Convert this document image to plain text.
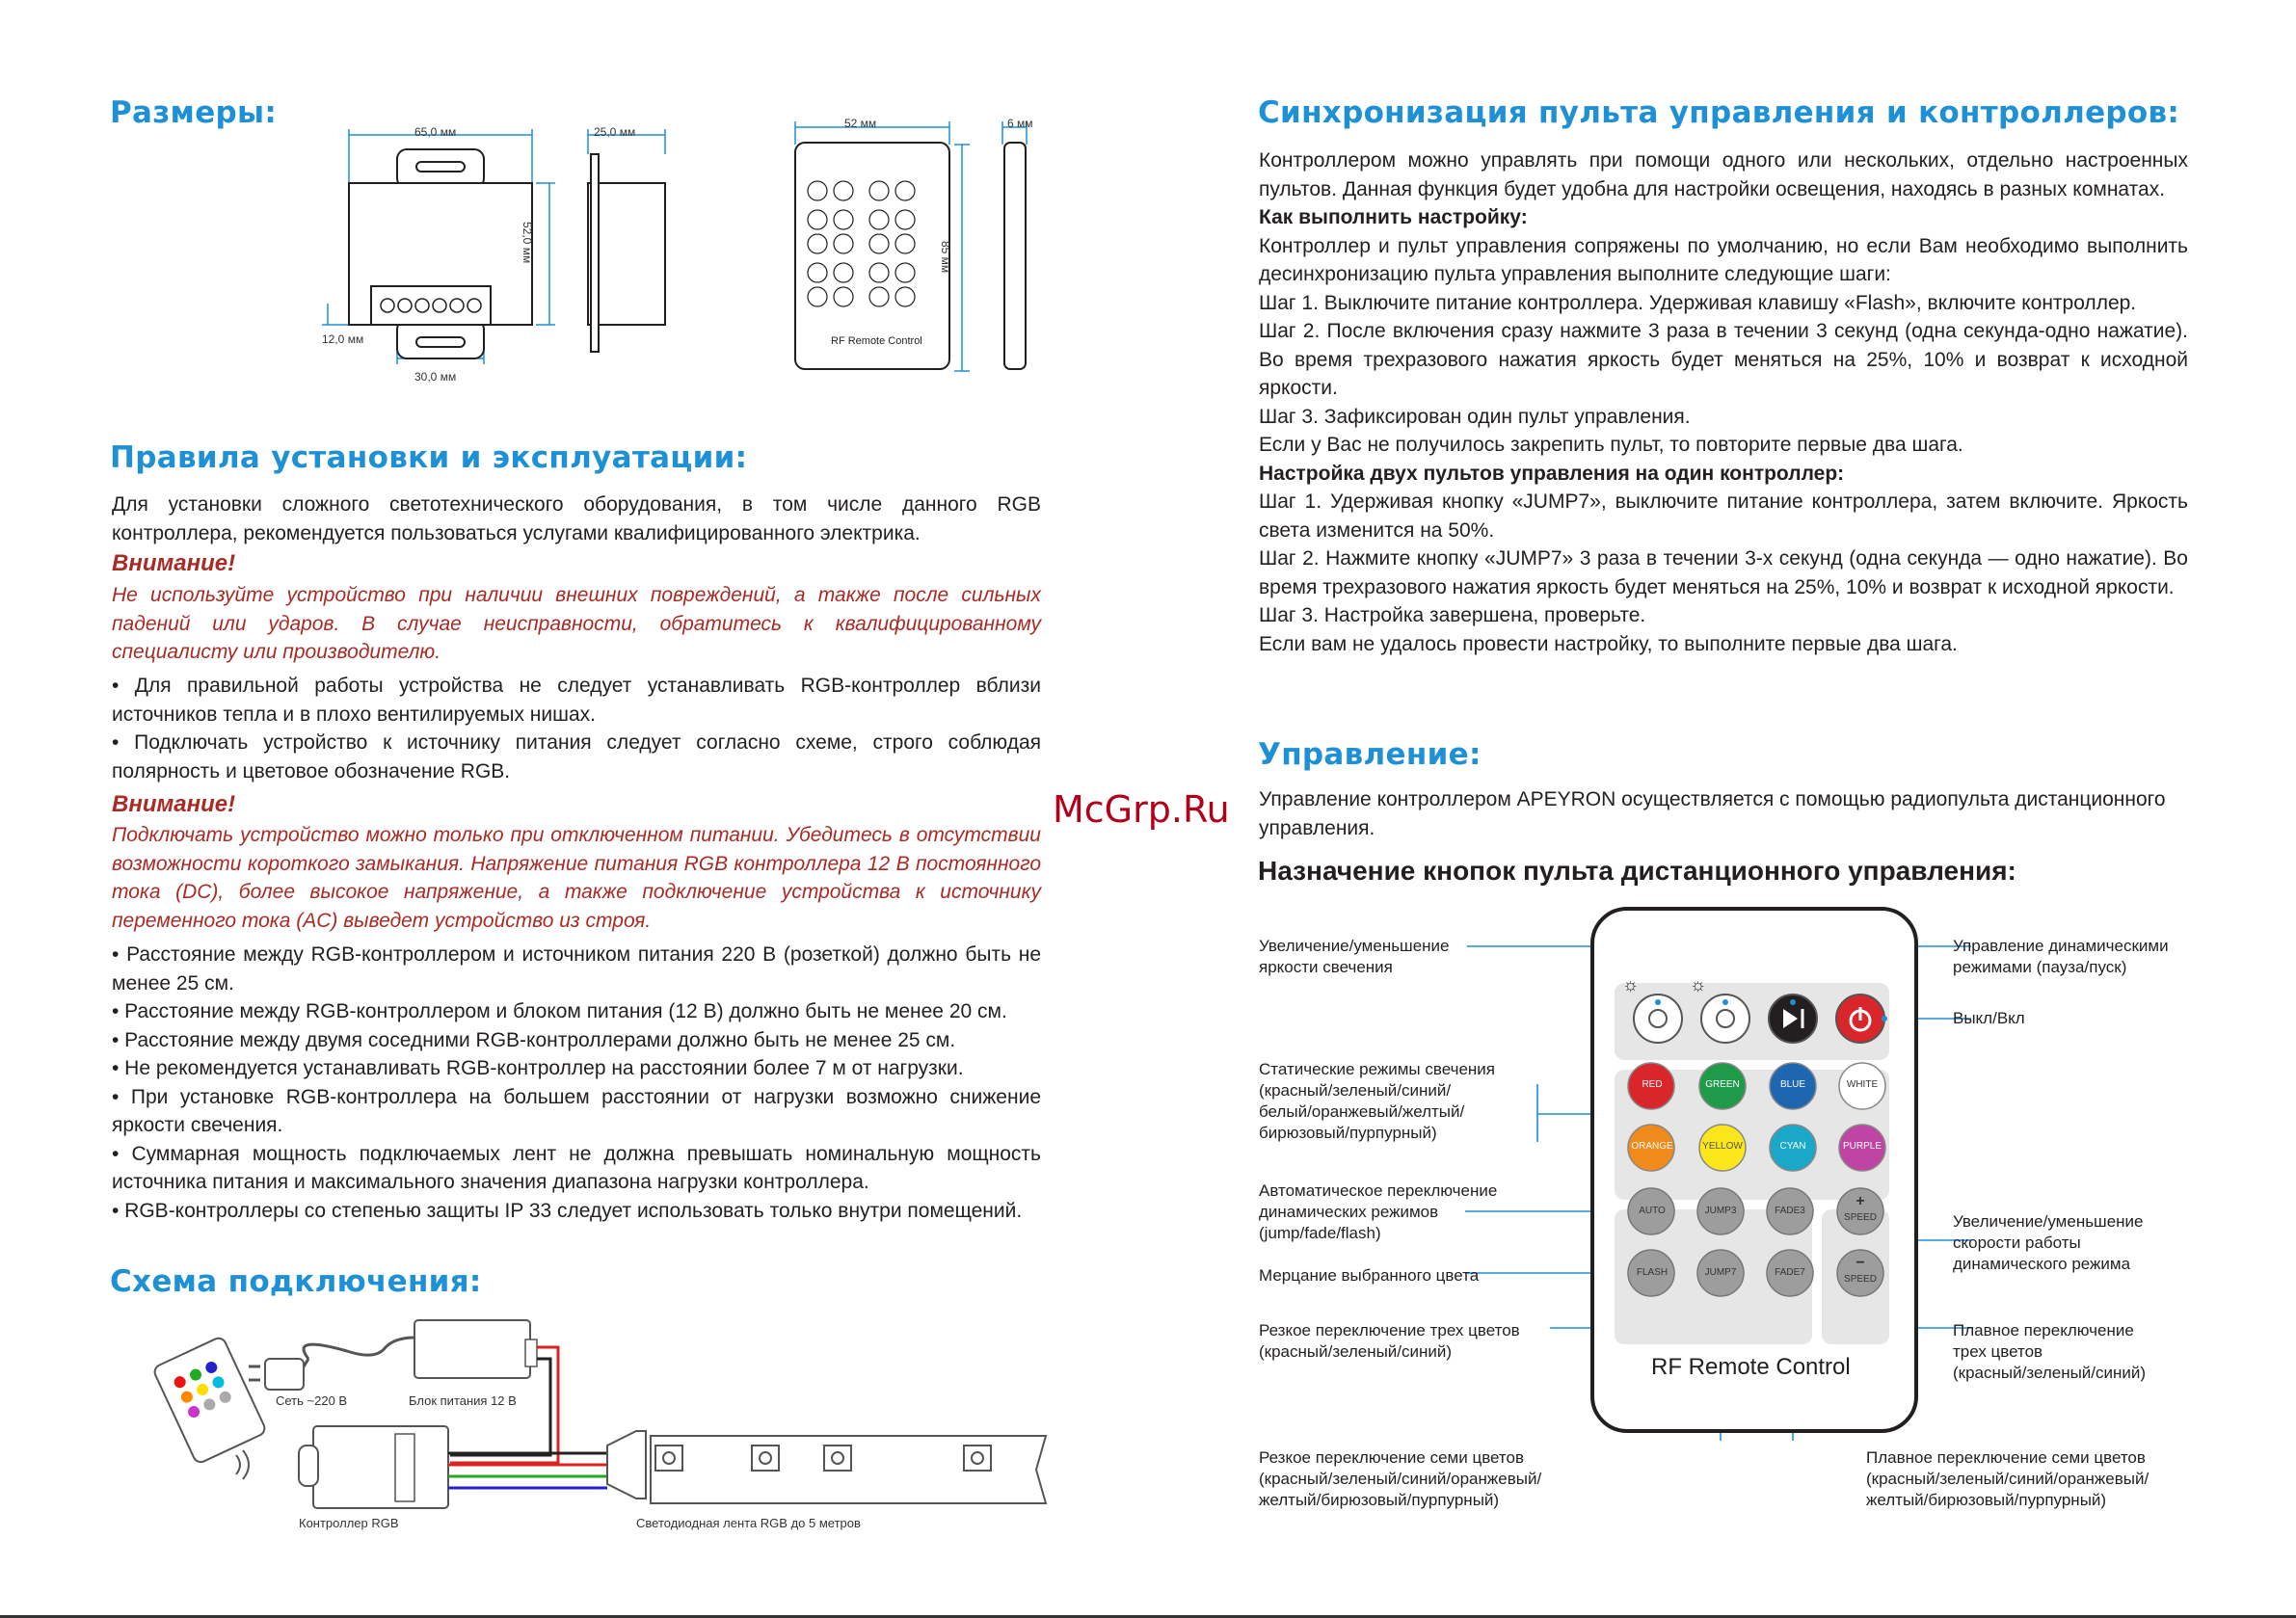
Размеры:
65,0 мм	25,0 мм
52,0 мм
12,0 мм
30,0 мм
52 мм	6 мм
85 мм
RF Remote Control
Правила установки и эксплуатации:
Для установки сложного светотехнического оборудования, в том числе данного RGB контроллера, рекомендуется пользоваться услугами квалифицированного электрика.
Внимание!
Не используйте устройство при наличии внешних повреждений, а также после сильных падений или ударов. В случае неисправности, обратитесь к квалифицированному специалисту или производителю.
• Для правильной работы устройства не следует устанавливать RGB-контроллер вблизи источников тепла и в плохо вентилируемых нишах.
• Подключать устройство к источнику питания следует согласно схеме, строго соблюдая полярность и цветовое обозначение RGB.
Внимание!
Подключать устройство можно только при отключенном питании. Убедитесь в отсутствии возможности короткого замыкания. Напряжение питания RGB контроллера 12 В постоянного тока (DC), более высокое напряжение, а также подключение устройства к источнику переменного тока (AC) выведет устройство из строя.

• Расстояние между RGB-контроллером и источником питания 220 В (розеткой) должно быть не менее 25 см.

• Расстояние между RGB-контроллером и блоком питания (12 В) должно быть не менее 20 см.

• Расстояние между двумя соседними RGB-контроллерами должно быть не менее 25 см.

• Не рекомендуется устанавливать RGB-контроллер на расстоянии более 7 м от нагрузки.

• При установке RGB-контроллера на большем расстоянии от нагрузки возможно снижение яркости свечения.

• Суммарная мощность подключаемых лент не должна превышать номинальную мощность источника питания и максимального значения диапазона нагрузки контроллера.

• RGB-контроллеры со степенью защиты IP 33 следует использовать только внутри помещений.

Схема подключения:
Сеть ~220 В	Блок питания 12 В
Контроллер RGB	Светодиодная лента RGB до 5 метров
McGrp.Ru
Синхронизация пульта управления и контроллеров:

Контроллером можно управлять при помощи одного или нескольких, отдельно настроенных пультов. Данная функция будет удобна для настройки освещения, находясь в разных комнатах.

Как выполнить настройку:

Контроллер и пульт управления сопряжены по умолчанию, но если Вам необходимо выполнить десинхронизацию пульта управления выполните следующие шаги:

Шаг 1. Выключите питание контроллера. Удерживая клавишу «Flash», включите контроллер.

Шаг 2. После включения сразу нажмите 3 раза в течении 3 секунд (одна секунда-одно нажатие). Во время трехразового нажатия яркость будет меняться на 25%, 10% и возврат к исходной яркости.

Шаг 3. Зафиксирован один пульт управления.

Если у Вас не получилось закрепить пульт, то повторите первые два шага.

Настройка двух пультов управления на один контроллер:

Шаг 1. Удерживая кнопку «JUMP7», выключите питание контроллера, затем включите. Яркость света изменится на 50%.

Шаг 2. Нажмите кнопку «JUMP7» 3 раза в течении 3-х секунд (одна секунда — одно нажатие). Во время трехразового нажатия яркость будет меняться на 25%, 10% и возврат к исходной яркости.

Шаг 3. Настройка завершена, проверьте.

Если вам не удалось провести настройку, то выполните первые два шага.

Управление:
Управление контроллером APEYRON осуществляется с помощью радиопульта дистанционного управления.
Назначение кнопок пульта дистанционного управления:
☼	☼
RED	GREEN	BLUE	WHITE
ORANGE	YELLOW	CYAN	PURPLE
AUTO	JUMP3	FADE3
+
SPEED
FLASH	JUMP7	FADE7
−
SPEED
RF Remote Control
Увеличение/уменьшение
яркости свечения
Статические режимы свечения
(красный/зеленый/синий/
белый/оранжевый/желтый/
бирюзовый/пурпурный)
Автоматическое переключение
динамических режимов
(jump/fade/flash)
Мерцание выбранного цвета
Резкое переключение трех цветов
(красный/зеленый/синий)
Резкое переключение семи цветов
(красный/зеленый/синий/оранжевый/
желтый/бирюзовый/пурпурный)
Управление динамическими
режимами (пауза/пуск)
Выкл/Вкл
Увеличение/уменьшение
скорости работы
динамического режима
Плавное переключение
трех цветов
(красный/зеленый/синий)
Плавное переключение семи цветов
(красный/зеленый/синий/оранжевый/
желтый/бирюзовый/пурпурный)
